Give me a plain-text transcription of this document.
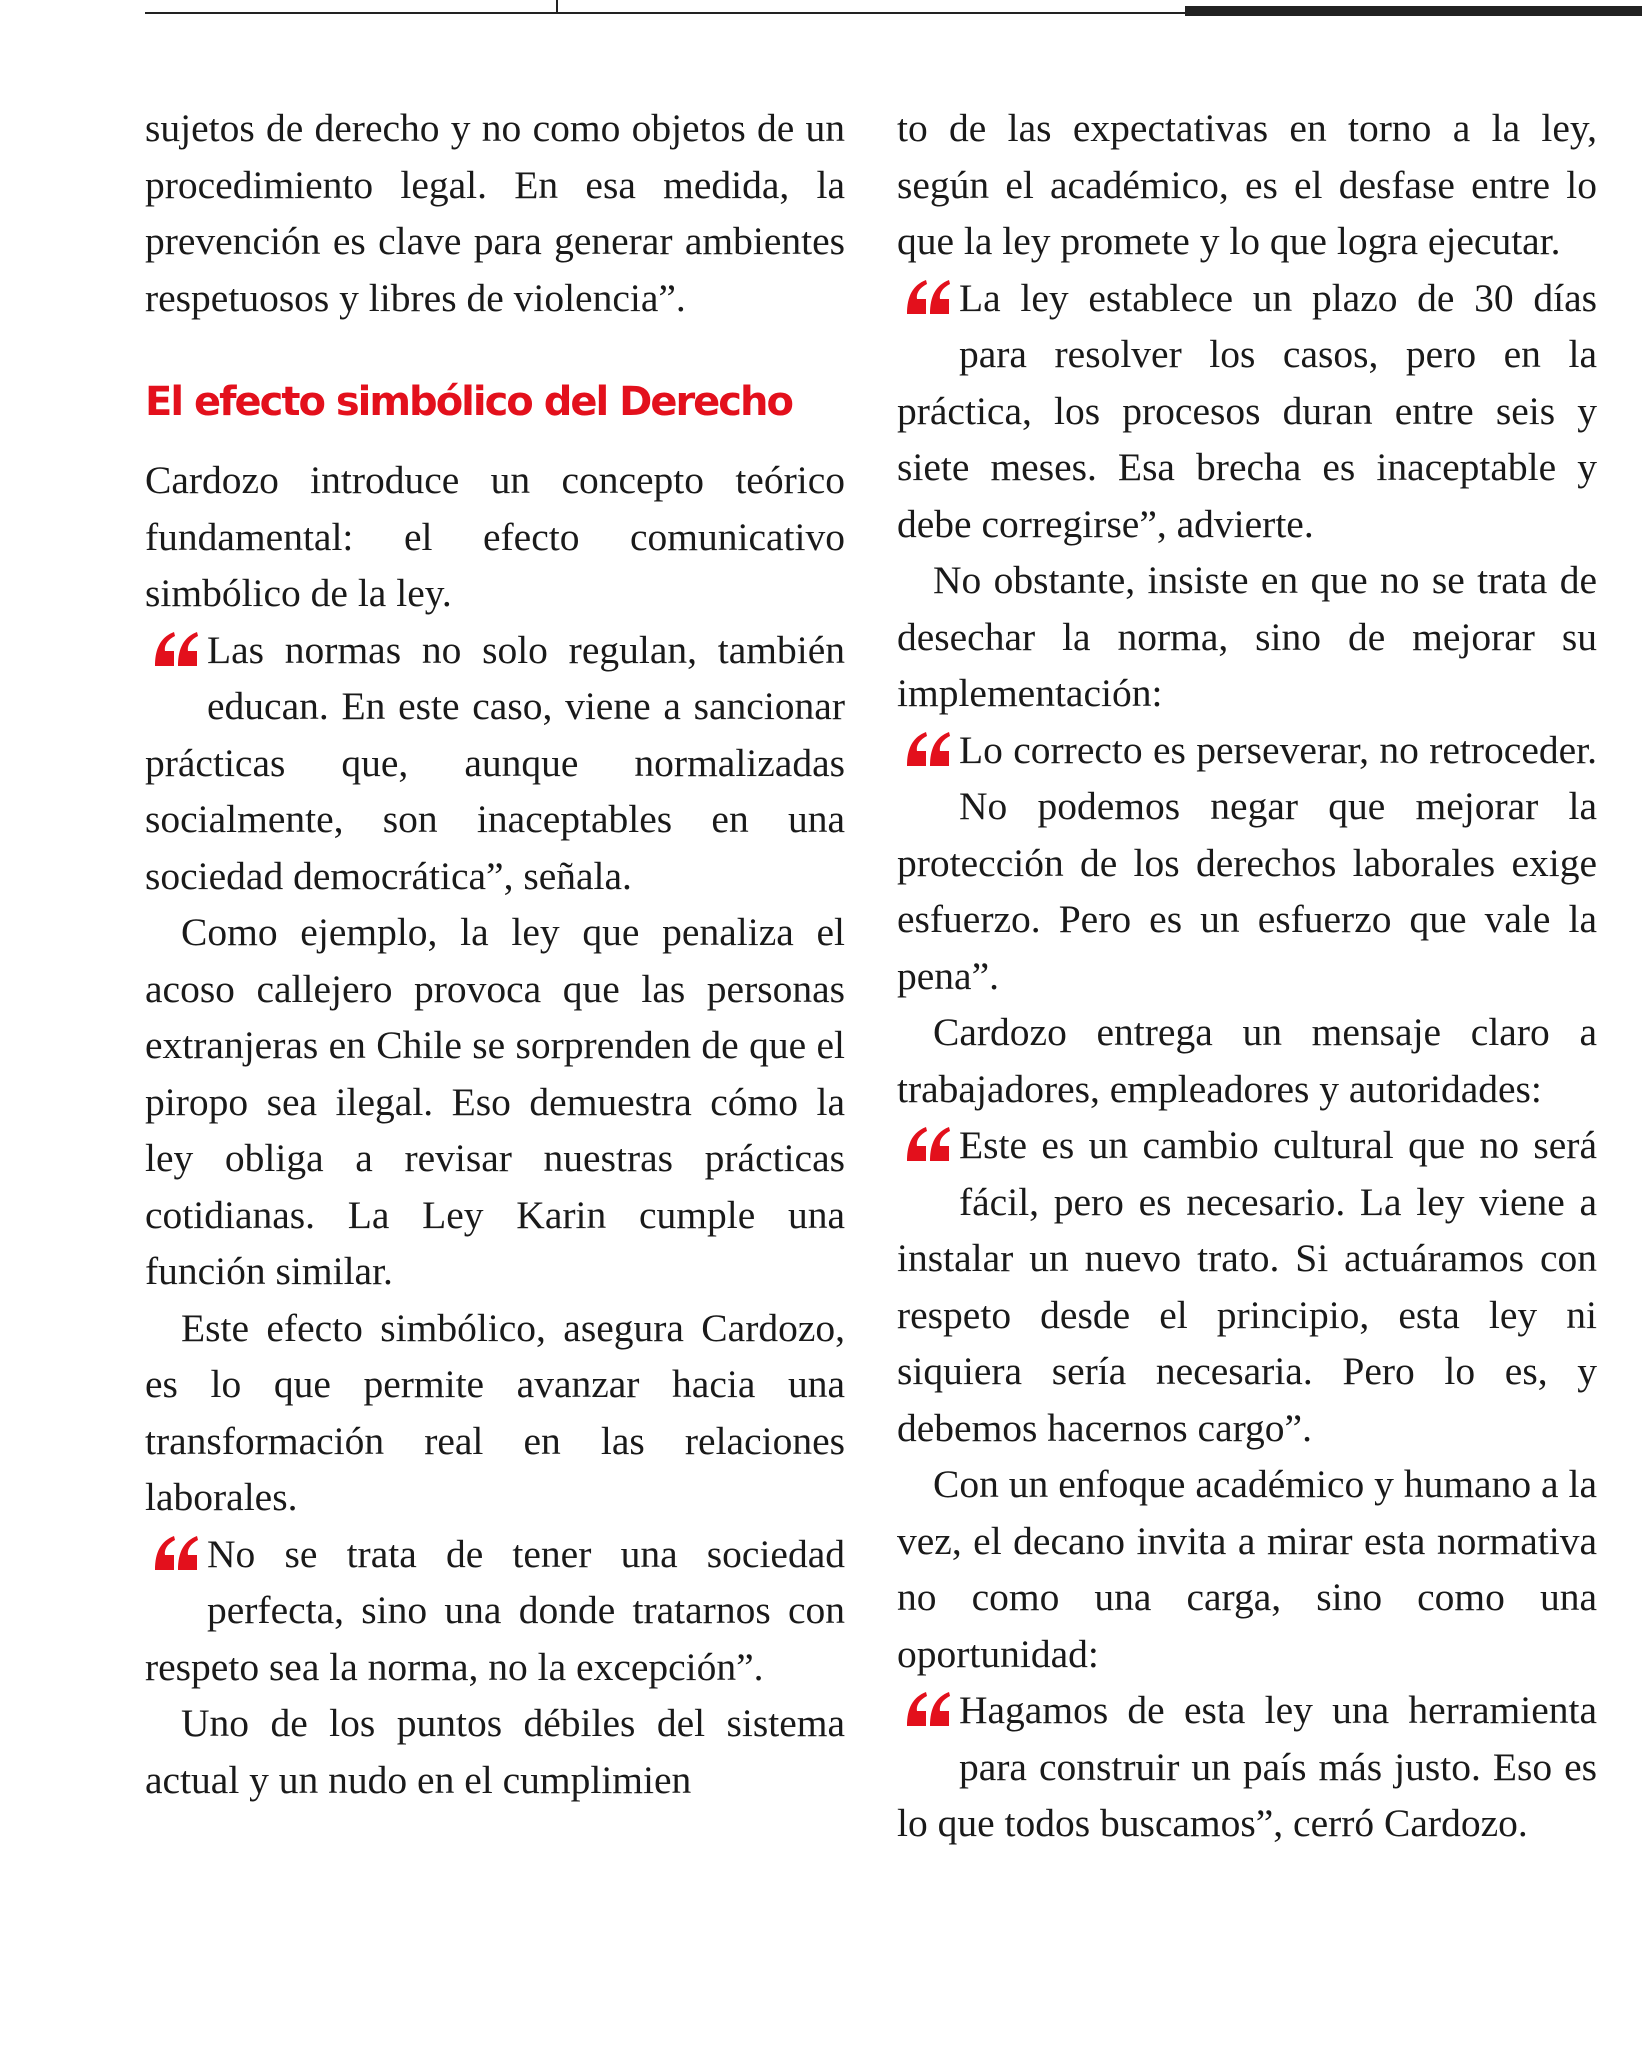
sujetos de derecho y no como objetos de un procedimiento legal. En esa medida, la prevención es clave para generar ambientes respetuosos y libres de violencia”.

El efecto simbólico del Derecho

Cardozo introduce un concepto teórico fundamental: el efecto comunicativo simbólico de la ley.

Las normas no solo regulan, también educan. En este caso, viene a sancionar prácticas que, aunque normalizadas socialmente, son inaceptables en una sociedad democrática”, señala.

Como ejemplo, la ley que penaliza el acoso callejero provoca que las personas extranjeras en Chile se sorprenden de que el piropo sea ilegal. Eso demuestra cómo la ley obliga a revisar nuestras prácticas cotidianas. La Ley Karin cumple una función similar.

Este efecto simbólico, asegura Cardozo, es lo que permite avanzar hacia una transformación real en las relaciones laborales.

No se trata de tener una sociedad perfecta, sino una donde tratarnos con respeto sea la norma, no la excepción”.

Uno de los puntos débiles del sistema actual y un nudo en el cumplimien

to de las expectativas en torno a la ley, según el académico, es el desfase entre lo que la ley promete y lo que logra ejecutar.

La ley establece un plazo de 30 días para resolver los casos, pero en la práctica, los procesos duran entre seis y siete meses. Esa brecha es inaceptable y debe corregirse”, advierte.

No obstante, insiste en que no se trata de desechar la norma, sino de mejorar su implementación:

Lo correcto es perseverar, no retroceder. No podemos negar que mejorar la protección de los derechos laborales exige esfuerzo. Pero es un esfuerzo que vale la pena”.

Cardozo entrega un mensaje claro a trabajadores, empleadores y autoridades:

Este es un cambio cultural que no será fácil, pero es necesario. La ley viene a instalar un nuevo trato. Si actuáramos con respeto desde el principio, esta ley ni siquiera sería necesaria. Pero lo es, y debemos hacernos cargo”.

Con un enfoque académico y humano a la vez, el decano invita a mirar esta normativa no como una carga, sino como una oportunidad:

Hagamos de esta ley una herramienta para construir un país más justo. Eso es lo que todos buscamos”, cerró Cardozo.
